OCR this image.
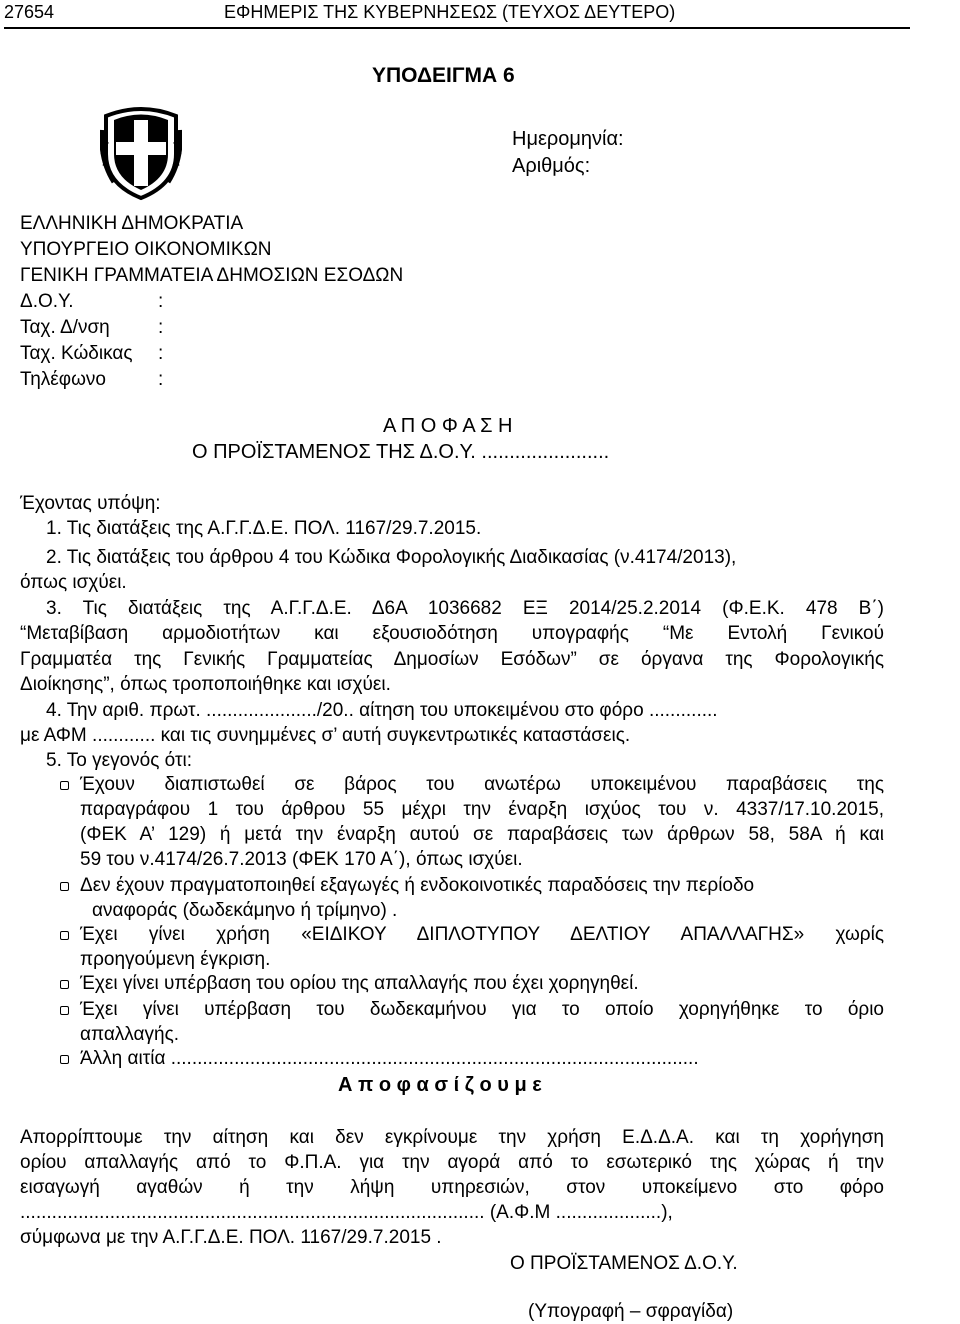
27654	ΕΦΗΜΕΡΙΣ ΤΗΣ ΚΥΒΕΡΝΗΣΕΩΣ (ΤΕΥΧΟΣ ΔΕΥΤΕΡΟ)
ΥΠΟΔΕΙΓΜΑ 6
Ημερομηνία:
Αριθμός:
ΕΛΛΗΝΙΚΗ ΔΗΜΟΚΡΑΤΙΑ
ΥΠΟΥΡΓΕΙΟ ΟΙΚΟΝΟΜΙΚΩΝ
ΓΕΝΙΚΗ ΓΡΑΜΜΑΤΕΙΑ ΔΗΜΟΣΙΩΝ ΕΣΟΔΩΝ
Δ.Ο.Υ.	:
Ταχ. Δ/νση	:
Ταχ. Κώδικας :
Τηλέφωνο	:
Α Π Ο Φ Α Σ Η
Ο ΠΡΟΪΣΤΑΜΕΝΟΣ ΤΗΣ Δ.Ο.Υ. .......................
Έχοντας υπόψη:
1. Τις διατάξεις της Α.Γ.Γ.Δ.Ε. ΠΟΛ. 1167/29.7.2015.
2. Τις διατάξεις του άρθρου 4 του Κώδικα Φορολογικής Διαδικασίας (ν.4174/2013),
όπως ισχύει.
3. Τις διατάξεις της Α.Γ.Γ.Δ.Ε. Δ6Α 1036682 ΕΞ 2014/25.2.2014 (Φ.Ε.Κ. 478 Β΄)
“Μεταβίβαση αρμοδιοτήτων και εξουσιοδότηση υπογραφής “Με Εντολή Γενικού
Γραμματέα της Γενικής Γραμματείας Δημοσίων Εσόδων” σε όργανα της Φορολογικής
Διοίκησης”, όπως τροποποιήθηκε και ισχύει.
4. Την αριθ. πρωτ. ...................../20.. αίτηση του υποκειμένου στο φόρο .............
με ΑΦΜ ............ και τις συνημμένες σ’ αυτή συγκεντρωτικές καταστάσεις.
5. Το γεγονός ότι:
Έχουν διαπιστωθεί σε βάρος του ανωτέρω υποκειμένου παραβάσεις της
παραγράφου 1 του άρθρου 55 μέχρι την έναρξη ισχύος του ν. 4337/17.10.2015,
(ΦΕΚ Α’ 129) ή μετά την έναρξη αυτού σε παραβάσεις των άρθρων 58, 58Α ή και
59 του ν.4174/26.7.2013 (ΦΕΚ 170 Α΄), όπως ισχύει.
Δεν έχουν πραγματοποιηθεί εξαγωγές ή ενδοκοινοτικές παραδόσεις την περίοδο
αναφοράς (δωδεκάμηνο ή τρίμηνο) .
Έχει γίνει χρήση «ΕΙΔΙΚΟΥ ΔΙΠΛΟΤΥΠΟΥ ΔΕΛΤΙΟΥ ΑΠΑΛΛΑΓΗΣ» χωρίς
προηγούμενη έγκριση.
Έχει γίνει υπέρβαση του ορίου της απαλλαγής που έχει χορηγηθεί.
Έχει γίνει υπέρβαση του δωδεκαμήνου για το οποίο χορηγήθηκε το όριο
απαλλαγής.
Άλλη αιτία ....................................................................................................
Α π ο φ α σ ί ζ ο υ μ ε
Απορρίπτουμε την αίτηση και δεν εγκρίνουμε την χρήση Ε.Δ.Δ.Α. και τη χορήγηση
ορίου απαλλαγής από το Φ.Π.Α. για την αγορά από το εσωτερικό της χώρας ή την
εισαγωγή αγαθών ή την λήψη υπηρεσιών, στον υποκείμενο στο φόρο
........................................................................................ (Α.Φ.Μ ....................),
σύμφωνα με την Α.Γ.Γ.Δ.Ε. ΠΟΛ. 1167/29.7.2015 .
Ο ΠΡΟΪΣΤΑΜΕΝΟΣ Δ.Ο.Υ.
(Υπογραφή – σφραγίδα)
